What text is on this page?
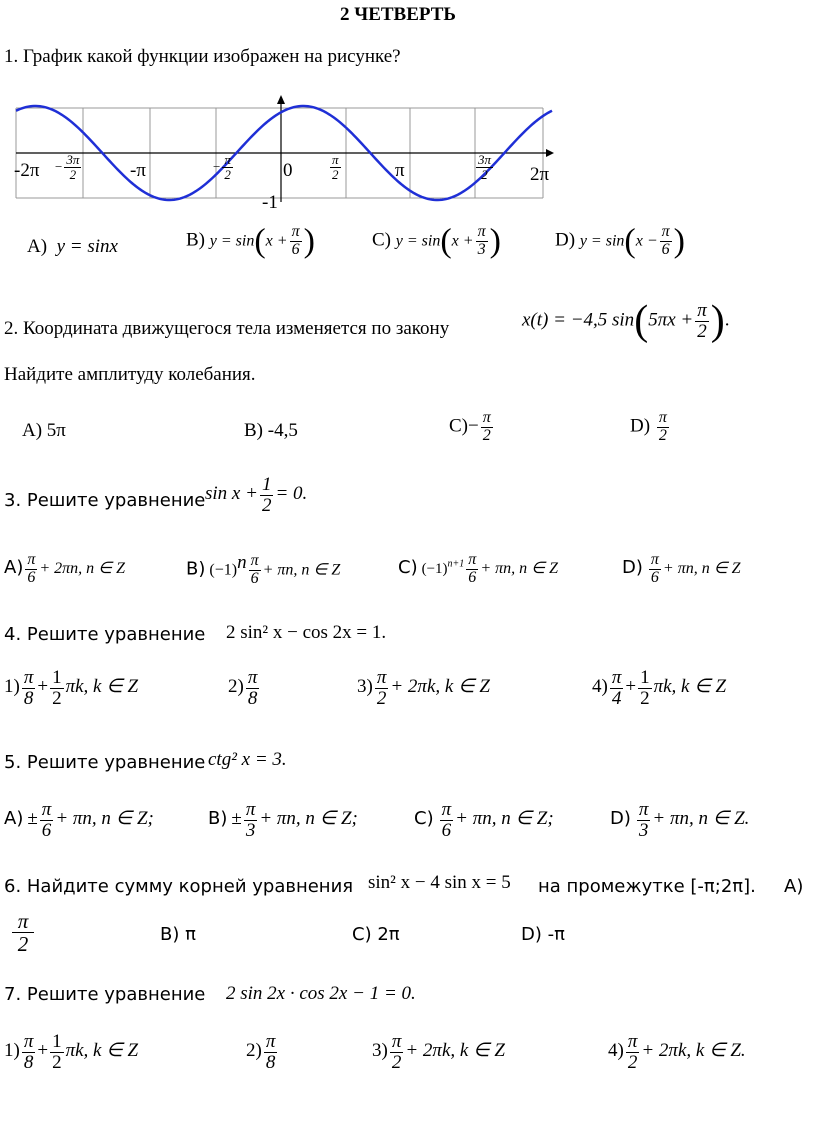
2 ЧЕТВЕРТЬ
1. График какой функции изображен на рисунке?
$-2\pi - \frac{3\pi}{2}$	-π	− $\frac{\pi}{2}$	0	$\frac{\pi}{2}$	π	$\frac{3\pi}{2} 2\pi$
-1
A) y = sinx	B) $y = \sin(x + \frac{\pi}{6}$ )	C) $y = \sin(x + \frac{\pi}{3}$ )	D) $y = \sin(x - \frac{\pi}{6}$ )
2. Координата движущегося тела изменяется по закону	x(t) = −4,5 $\sin(5\pi x + \frac{\pi}{2}$ ).
Найдите амплитуду колебания.
A) 5π	B) -4,5	$C)- \frac{\pi}{2}$	$D) \frac{\pi}{2}$
3. Решите уравнение $\sin x + \frac{1}{2} = 0$.
$A) \frac{\pi}{6} + 2\pi n$, n ∈ Z	B) $(-1)^n \frac{\pi}{6} + \pi n$, n ∈ Z	C) $(-1)^{n+1} \frac{\pi}{6} + \pi n$, n ∈ Z	$D) \frac{\pi}{6} + \pi n$, n ∈ Z
4. Решите уравнение 2 sin² x − cos 2x = 1.
$1) \frac{\pi}{8} + \frac{1}{2} \pi k$, k ∈ Z	$2) \frac{\pi}{8}$	$3) \frac{\pi}{2} + 2\pi k$, k ∈ Z	$4) \frac{\pi}{4} + \frac{1}{2} \pi k$, k ∈ Z
5. Решите уравнение ctg² x = 3.
$A) \pm \frac{\pi}{6} + \pi n$, n ∈ Z;	$B) \pm \frac{\pi}{3} + \pi n$, n ∈ Z;	$C) \frac{\pi}{6} + \pi n$, n ∈ Z;	$D) \frac{\pi}{3} + \pi n$, n ∈ Z.
6. Найдите сумму корней уравнения sin² x − 4 sin x = 5 на промежутке [-π;2π]. A)
$\frac{\pi}{2}$	B) π	C) 2π	D) -π
7. Решите уравнение 2 sin 2x · cos 2x − 1 = 0.
$1) \frac{\pi}{8} + \frac{1}{2} \pi k$, k ∈ Z	$2) \frac{\pi}{8}$	$3) \frac{\pi}{2} + 2\pi k$, k ∈ Z	$4) \frac{\pi}{2} + 2\pi k$, k ∈ Z.
